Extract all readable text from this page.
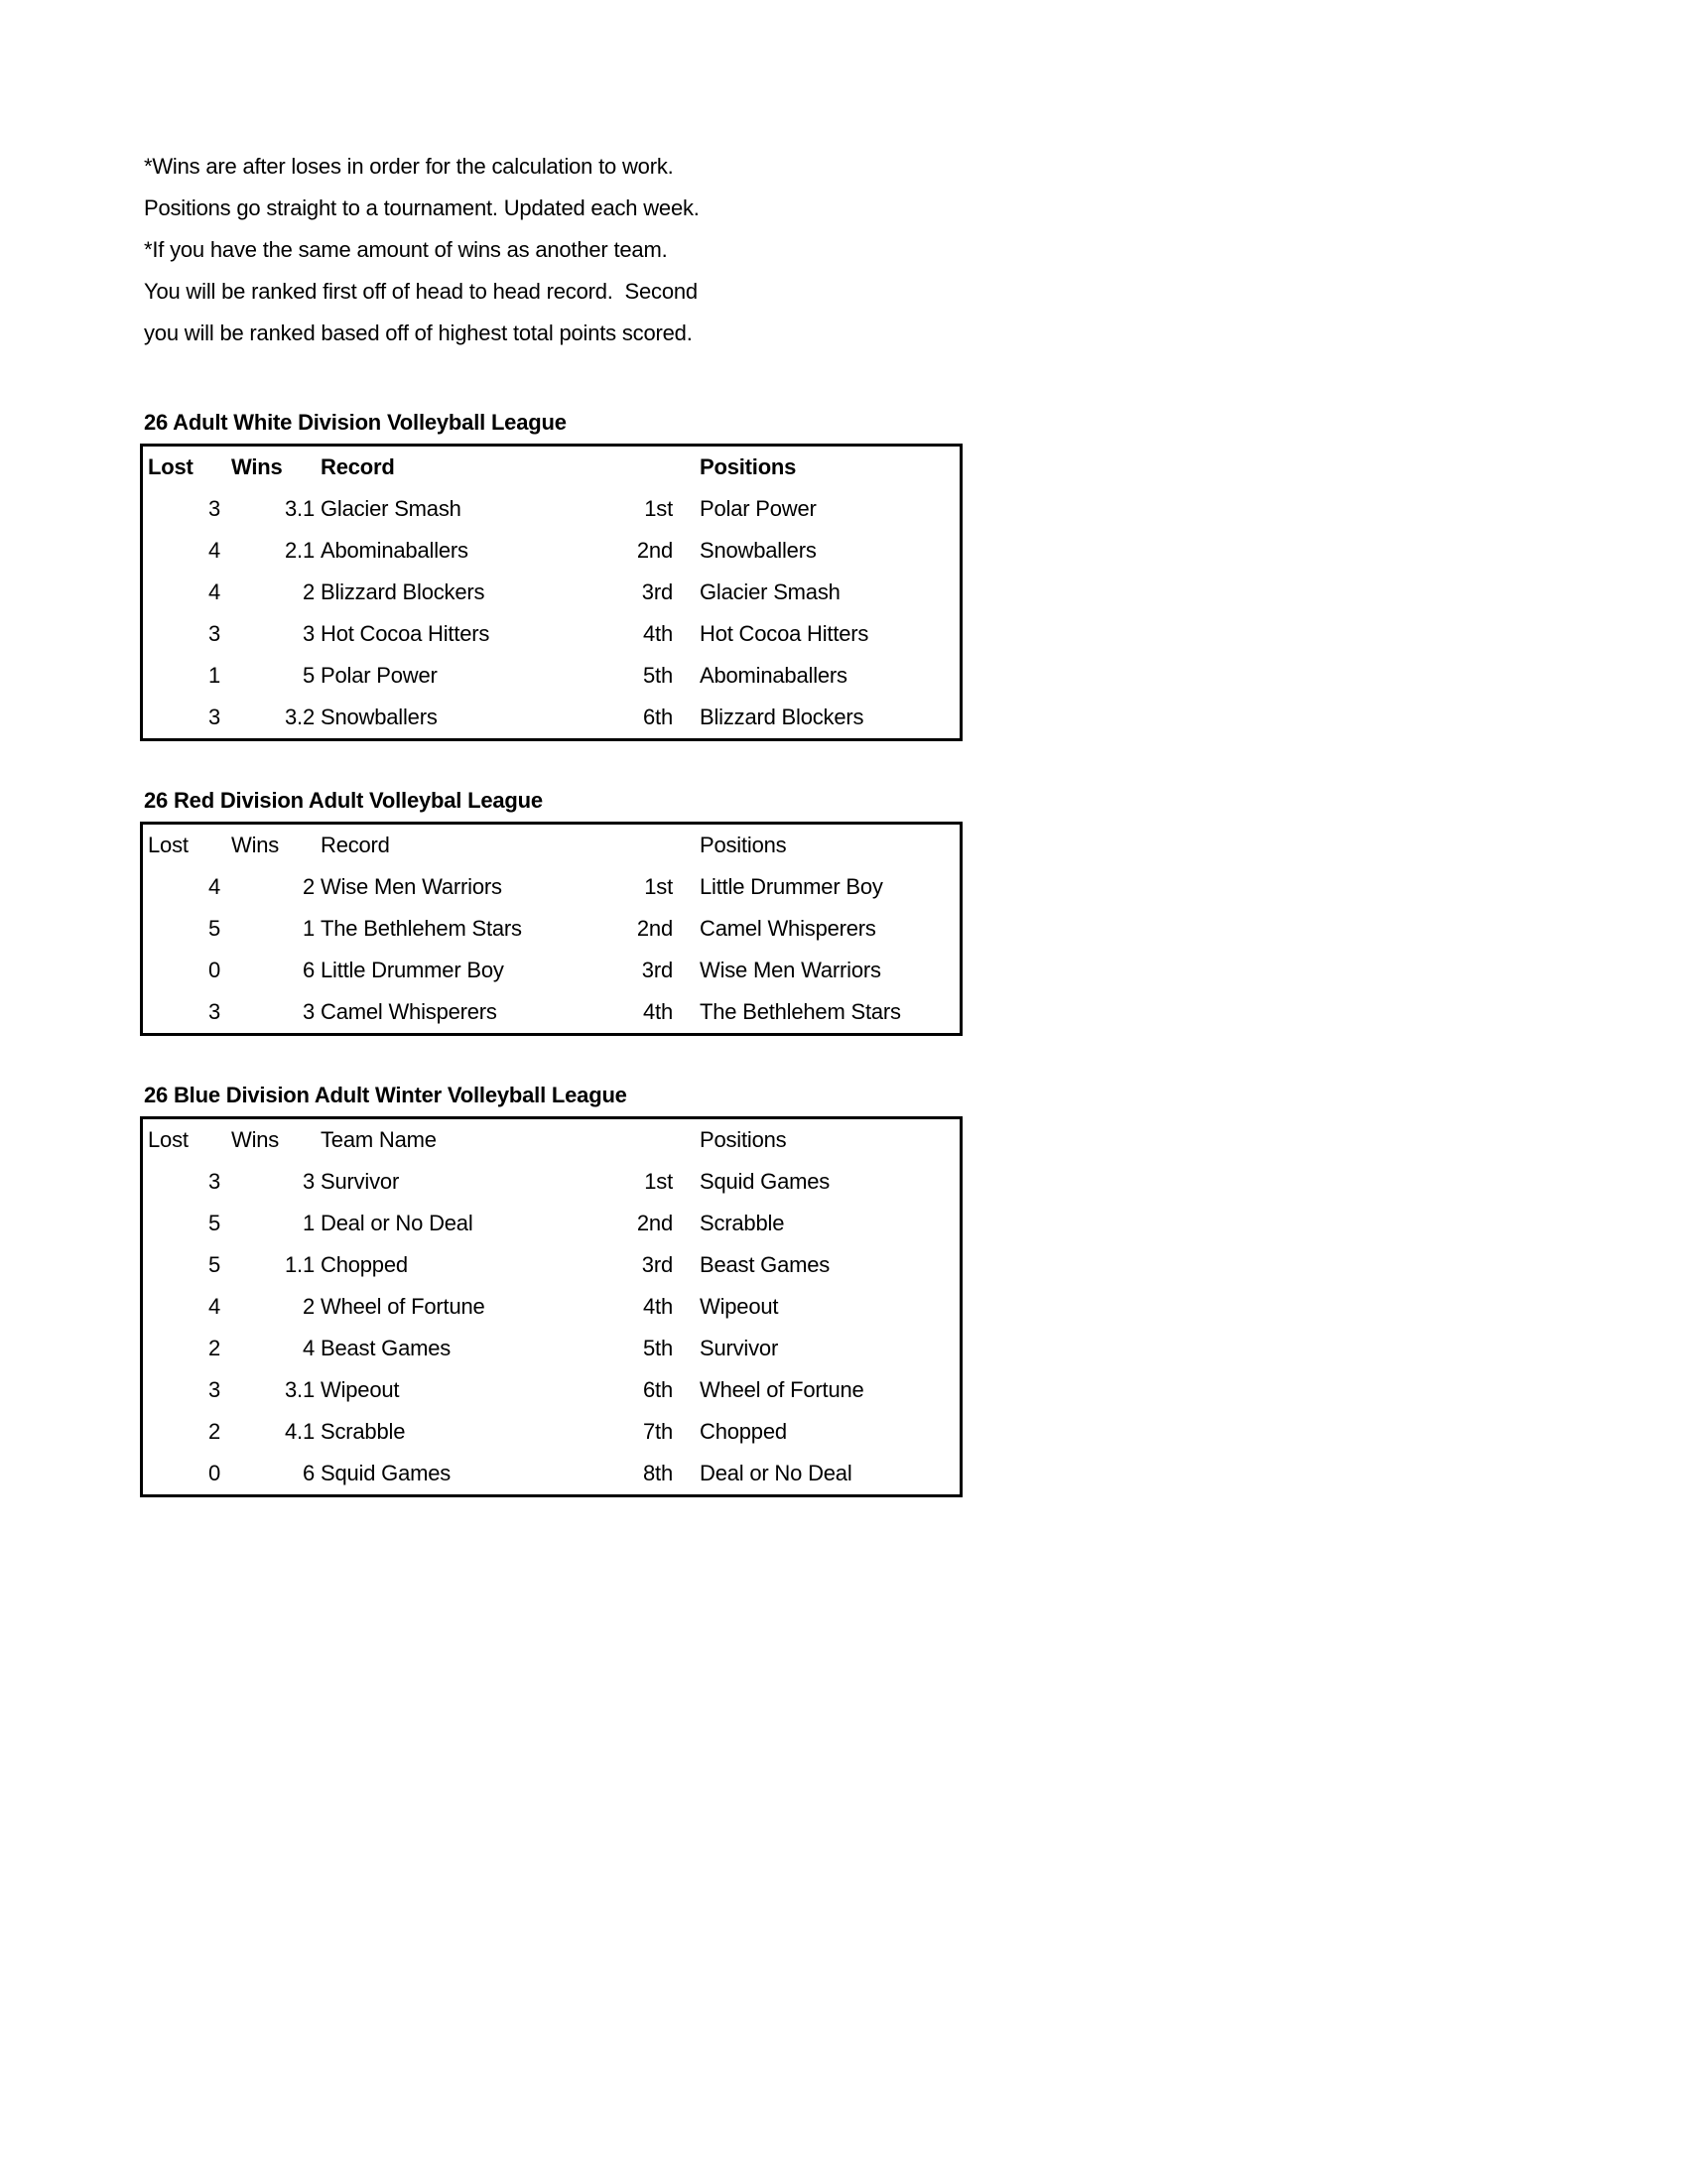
*Wins are after loses in order for the calculation to work.
Positions go straight to a tournament. Updated each week.
*If you have the same amount of wins as another team.
You will be ranked first off of head to head record.  Second
you will be ranked based off of highest total points scored.
26 Adult White Division Volleyball League
Lost	Wins	Record	Positions
3	3.1 Glacier Smash	1st	Polar Power
4	2.1 Abominaballers	2nd	Snowballers
4	2 Blizzard Blockers	3rd	Glacier Smash
3	3 Hot Cocoa Hitters	4th	Hot Cocoa Hitters
1	5 Polar Power	5th	Abominaballers
3	3.2 Snowballers	6th	Blizzard Blockers
26 Red Division Adult Volleybal League
Lost	Wins	Record	Positions
4	2 Wise Men Warriors	1st	Little Drummer Boy
5	1 The Bethlehem Stars	2nd	Camel Whisperers
0	6 Little Drummer Boy	3rd	Wise Men Warriors
3	3 Camel Whisperers	4th	The Bethlehem Stars
26 Blue Division Adult Winter Volleyball League
Lost	Wins	Team Name	Positions
3	3 Survivor	1st	Squid Games
5	1 Deal or No Deal	2nd	Scrabble
5	1.1 Chopped	3rd	Beast Games
4	2 Wheel of Fortune	4th	Wipeout
2	4 Beast Games	5th	Survivor
3	3.1 Wipeout	6th	Wheel of Fortune
2	4.1 Scrabble	7th	Chopped
0	6 Squid Games	8th	Deal or No Deal
